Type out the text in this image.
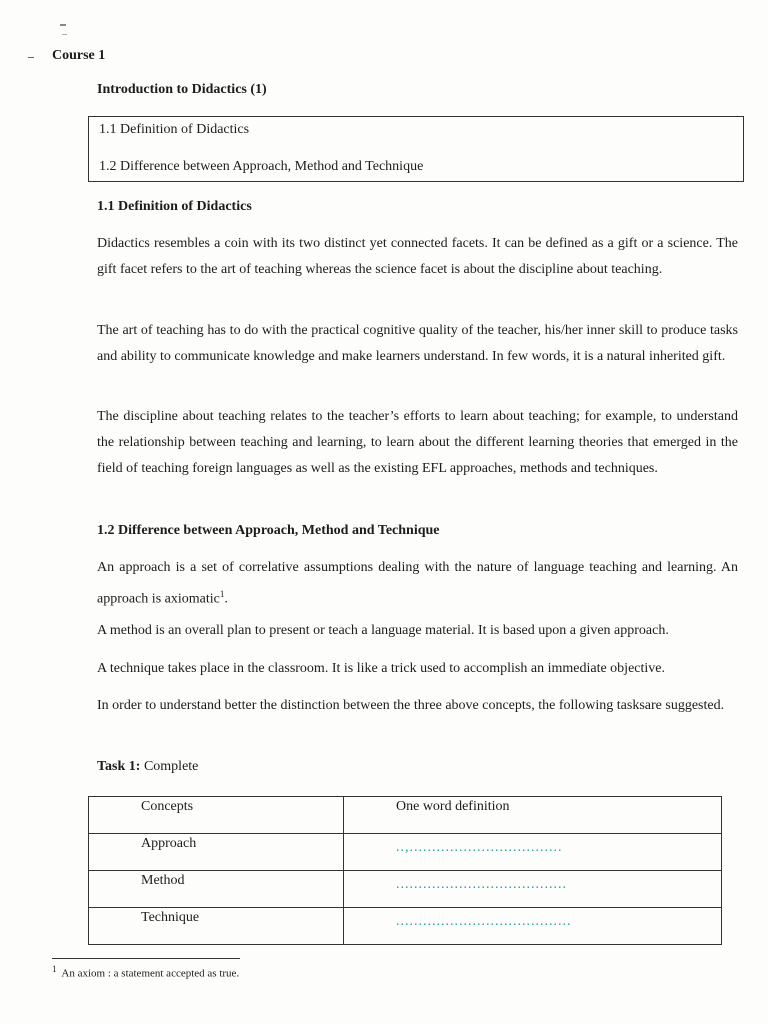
Course 1
Introduction to Didactics (1)
1.1 Definition of Didactics
1.2 Difference between Approach, Method and Technique
1.1 Definition of Didactics

Didactics resembles a coin with its two distinct yet connected facets. It can be defined as a gift or a science. The gift facet refers to the art of teaching whereas the science facet is about the discipline about teaching.

The art of teaching has to do with the practical cognitive quality of the teacher, his/her inner skill to produce tasks and ability to communicate knowledge and make learners understand. In few words, it is a natural inherited gift.

The discipline about teaching relates to the teacher’s efforts to learn about teaching; for example, to understand the relationship between teaching and learning, to learn about the different learning theories that emerged in the field of teaching foreign languages as well as the existing EFL approaches, methods and techniques.

1.2 Difference between Approach, Method and Technique

An approach is a set of correlative assumptions dealing with the nature of language teaching and learning. An approach is axiomatic$^1$.

A method is an overall plan to present or teach a language material. It is based upon a given approach.

A technique takes place in the classroom. It is like a trick used to accomplish an immediate objective.

In order to understand better the distinction between the three above concepts, the following tasksare suggested.

Task 1: Complete
Concepts	One word definition
Approach	..,..................................
Method	......................................
Technique	.......................................
$^1$ An axiom : a statement accepted as true.
